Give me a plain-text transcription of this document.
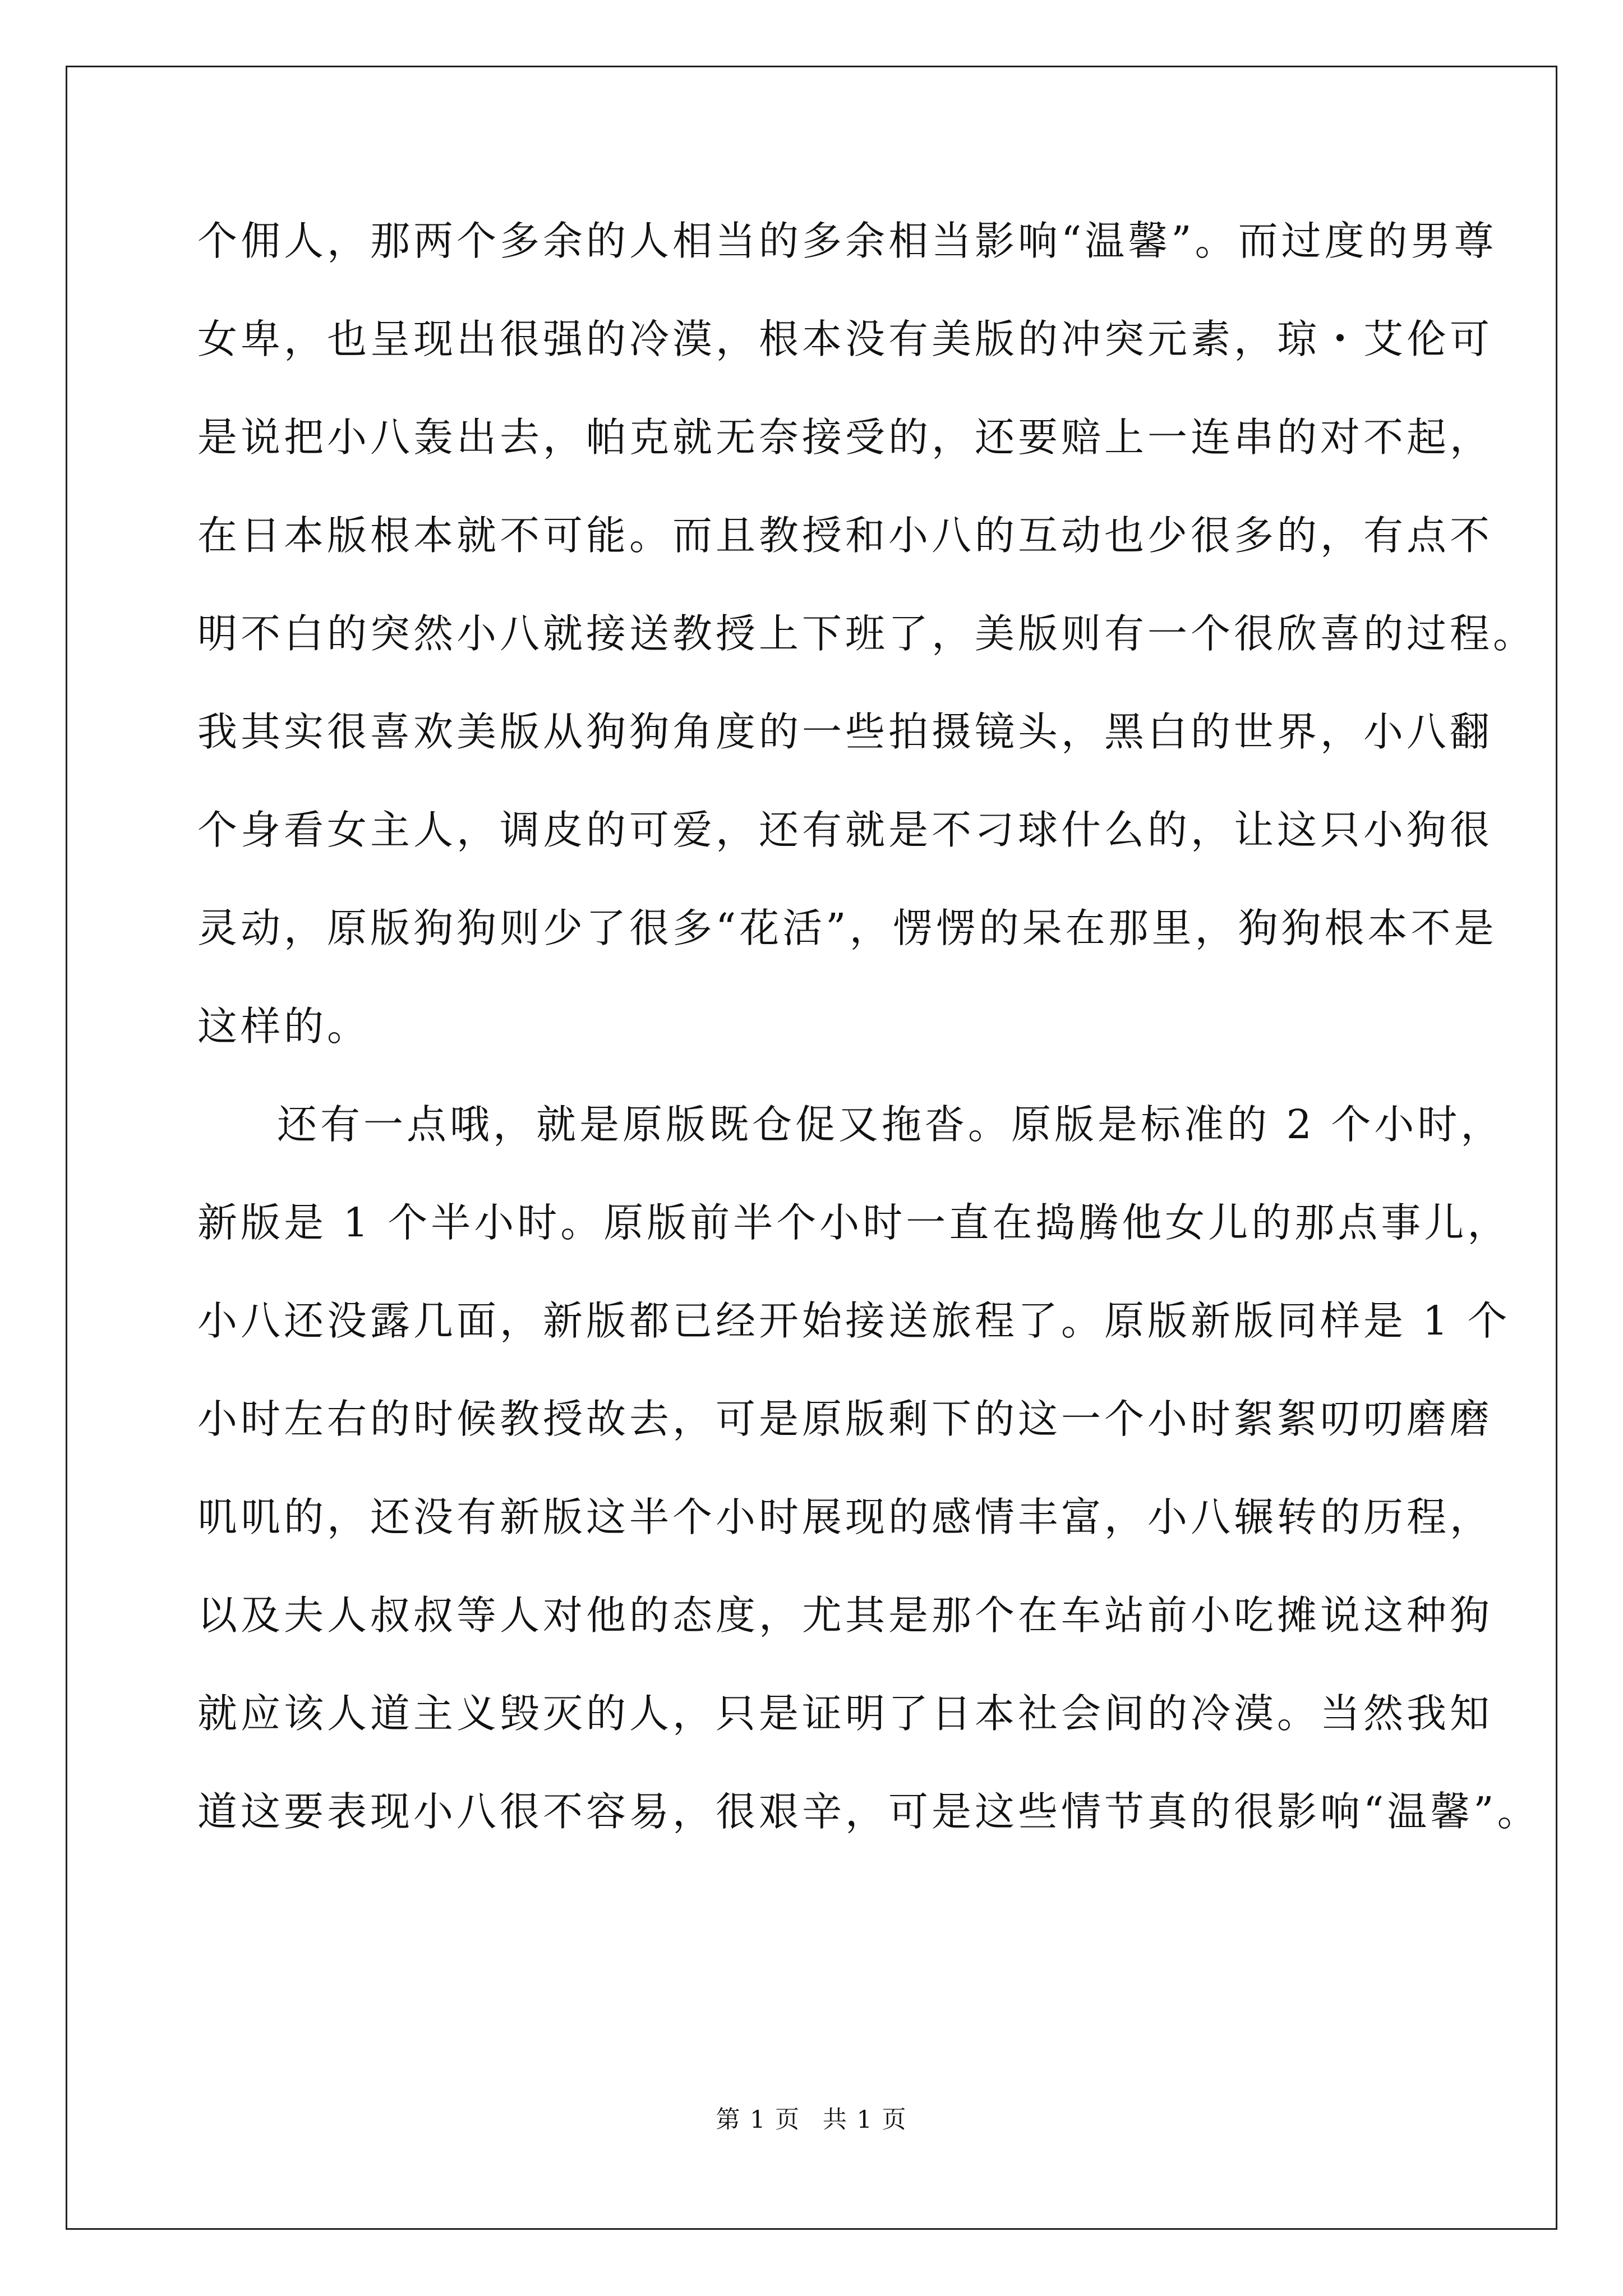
个佣人，那两个多余的人相当的多余相当影响“温馨”。而过度的男尊
女卑，也呈现出很强的冷漠，根本没有美版的冲突元素，琼・艾伦可
是说把小八轰出去，帕克就无奈接受的，还要赔上一连串的对不起，
在日本版根本就不可能。而且教授和小八的互动也少很多的，有点不
明不白的突然小八就接送教授上下班了，美版则有一个很欣喜的过程。
我其实很喜欢美版从狗狗角度的一些拍摄镜头，黑白的世界，小八翻
个身看女主人，调皮的可爱，还有就是不刁球什么的，让这只小狗很
灵动，原版狗狗则少了很多“花活”，愣愣的呆在那里，狗狗根本不是
这样的。
还有一点哦，就是原版既仓促又拖沓。原版是标准的 2 个小时，
新版是 1 个半小时。原版前半个小时一直在捣腾他女儿的那点事儿，
小八还没露几面，新版都已经开始接送旅程了。原版新版同样是 1 个
小时左右的时候教授故去，可是原版剩下的这一个小时絮絮叨叨磨磨
叽叽的，还没有新版这半个小时展现的感情丰富，小八辗转的历程，
以及夫人叔叔等人对他的态度，尤其是那个在车站前小吃摊说这种狗
就应该人道主义毁灭的人，只是证明了日本社会间的冷漠。当然我知
道这要表现小八很不容易，很艰辛，可是这些情节真的很影响“温馨”。
第 1 页 共 1 页
